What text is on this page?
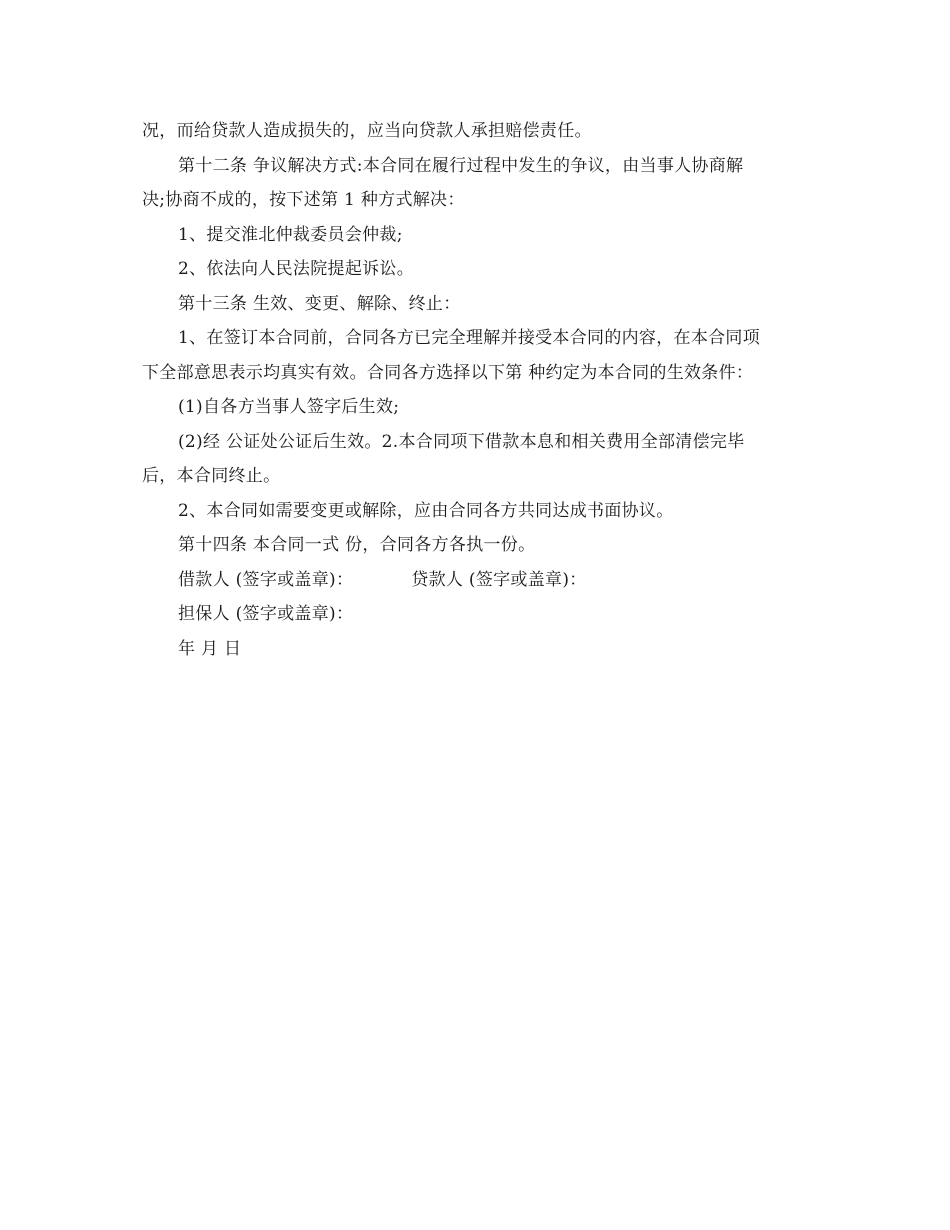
况，而给贷款人造成损失的，应当向贷款人承担赔偿责任。

第十二条 争议解决方式:本合同在履行过程中发生的争议，由当事人协商解

决;协商不成的，按下述第 1 种方式解决：

1、提交淮北仲裁委员会仲裁;

2、依法向人民法院提起诉讼。

第十三条 生效、变更、解除、终止：

1、在签订本合同前，合同各方已完全理解并接受本合同的内容，在本合同项

下全部意思表示均真实有效。合同各方选择以下第 种约定为本合同的生效条件：

(1)自各方当事人签字后生效;

(2)经 公证处公证后生效。2.本合同项下借款本息和相关费用全部清偿完毕

后，本合同终止。

2、本合同如需要变更或解除，应由合同各方共同达成书面协议。

第十四条 本合同一式 份，合同各方各执一份。

借款人 (签字或盖章)：	贷款人 (签字或盖章)：

担保人 (签字或盖章)：

年 月 日
